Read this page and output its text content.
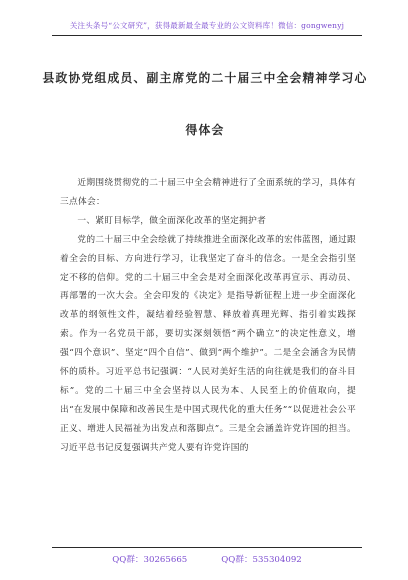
关注头条号“公文研究”，获得最新最全最专业的公文资料库！微信：gongwenyj
县政协党组成员、副主席党的二十届三中全会精神学习心
得体会

近期围绕贯彻党的二十届三中全会精神进行了全面系统的学习，具体有三点体会：

一、紧盯目标学，做全面深化改革的坚定拥护者

党的二十届三中全会绘就了持续推进全面深化改革的宏伟蓝图，通过跟着全会的目标、方向进行学习，让我坚定了奋斗的信念。一是全会指引坚定不移的信仰。党的二十届三中全会是对全面深化改革再宣示、再动员、再部署的一次大会。全会印发的《决定》是指导新征程上进一步全面深化改革的纲领性文件，凝结着经验智慧、释放着真理光辉、指引着实践探索。作为一名党员干部，要切实深刻领悟“两个确立”的决定性意义，增强“四个意识”、坚定“四个自信”、做到“两个维护”。二是全会涵含为民情怀的质朴。习近平总书记强调：“人民对美好生活的向往就是我们的奋斗目标”。党的二十届三中全会坚持以人民为本、人民至上的价值取向，提出“在发展中保障和改善民生是中国式现代化的重大任务”“以促进社会公平正义、增进人民福祉为出发点和落脚点”。三是全会涵盖许党许国的担当。习近平总书记反复强调共产党人要有许党许国的

QQ群：30265665	QQ群：535304092
